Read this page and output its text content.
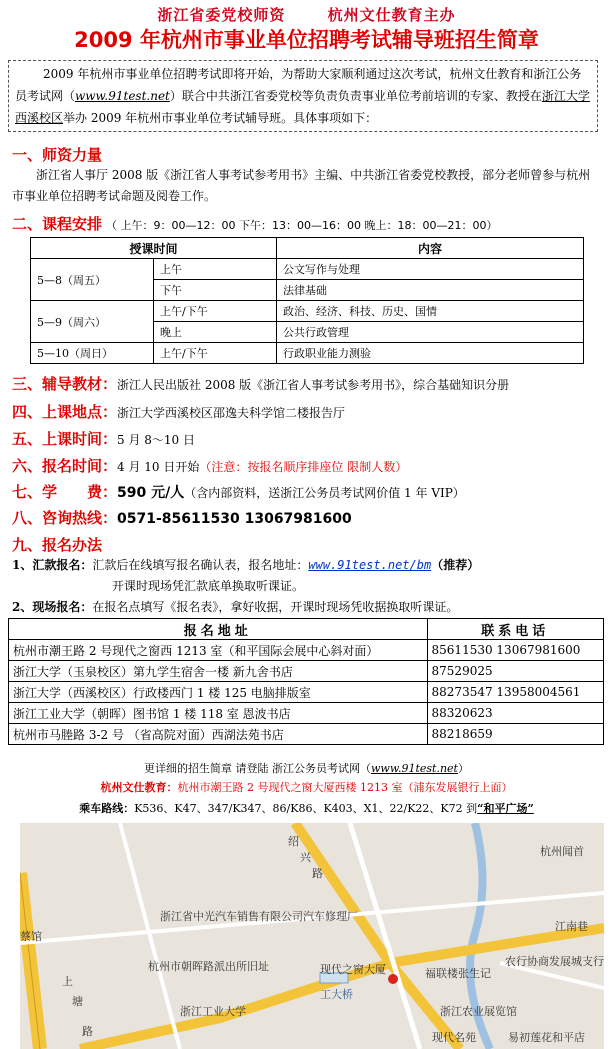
浙江省委党校师资	杭州文仕教育主办
2009 年杭州市事业单位招聘考试辅导班招生简章
2009 年杭州市事业单位招聘考试即将开始，为帮助大家顺利通过这次考试，杭州文仕教育和浙江公务员考试网（www.91test.net）联合中共浙江省委党校等负责负责事业单位考前培训的专家、教授在浙江大学西溪校区举办 2009 年杭州市事业单位考试辅导班。具体事项如下：
一、师资力量
浙江省人事厅 2008 版《浙江省人事考试参考用书》主编、中共浙江省委党校教授，部分老师曾参与杭州市事业单位招聘考试命题及阅卷工作。
二、课程安排 （ 上午：9：00—12：00 下午：13：00—16：00 晚上：18：00—21：00）
授课时间		内容
5—8（周五）	上午	公文写作与处理
	下午	法律基础
5—9（周六）	上午/下午	政治、经济、科技、历史、国情
	晚上	公共行政管理
5—10（周日）	上午/下午	行政职业能力测验
三、辅导教材：浙江人民出版社 2008 版《浙江省人事考试参考用书》，综合基础知识分册
四、上课地点：浙江大学西溪校区邵逸夫科学馆二楼报告厅
五、上课时间：5 月 8～10 日
六、报名时间：4 月 10 日开始（注意：按报名顺序排座位 限制人数）
七、学　　费：590 元/人（含内部资料，送浙江公务员考试网价值 1 年 VIP）
八、咨询热线：0571-85611530 13067981600
九、报名办法
1、汇款报名：汇款后在线填写报名确认表，报名地址：www.91test.net/bm（推荐）
开课时现场凭汇款底单换取听课证。
2、现场报名：在报名点填写《报名表》，拿好收据，开课时现场凭收据换取听课证。
报名地址	联系电话
杭州市潮王路 2 号现代之窗西 1213 室（和平国际会展中心斜对面）	85611530 13067981600
浙江大学（玉泉校区）第九学生宿舍一楼 新九舍书店	87529025
浙江大学（西溪校区）行政楼西门 1 楼 125 电脑排版室	88273547 13958004561
浙江工业大学（朝晖）图书馆 1 楼 118 室 恩波书店	88320623
杭州市马塍路 3-2 号 （省高院对面）西湖法苑书店	88218659
更详细的招生简章 请登陆 浙江公务员考试网（www.91test.net）
杭州文仕教育：杭州市潮王路 2 号现代之窗大厦西楼 1213 室（浦东发展银行上面）
乘车路线：K536、K47、347/K347、86/K86、K403、X1、22/K22、K72 到“和平广场”
绍
兴
路
杭州闻首
浙江省中光汽车销售有限公司汽车修理厂
江南巷
蔡馆
杭州市朝晖路派出所旧址	现代之窗大厦	福联楼张生记
农行协商发展城支行
上
塘
路
工大桥
浙江工业大学	浙江农业展览馆
现代名苑	易初莲花和平店
